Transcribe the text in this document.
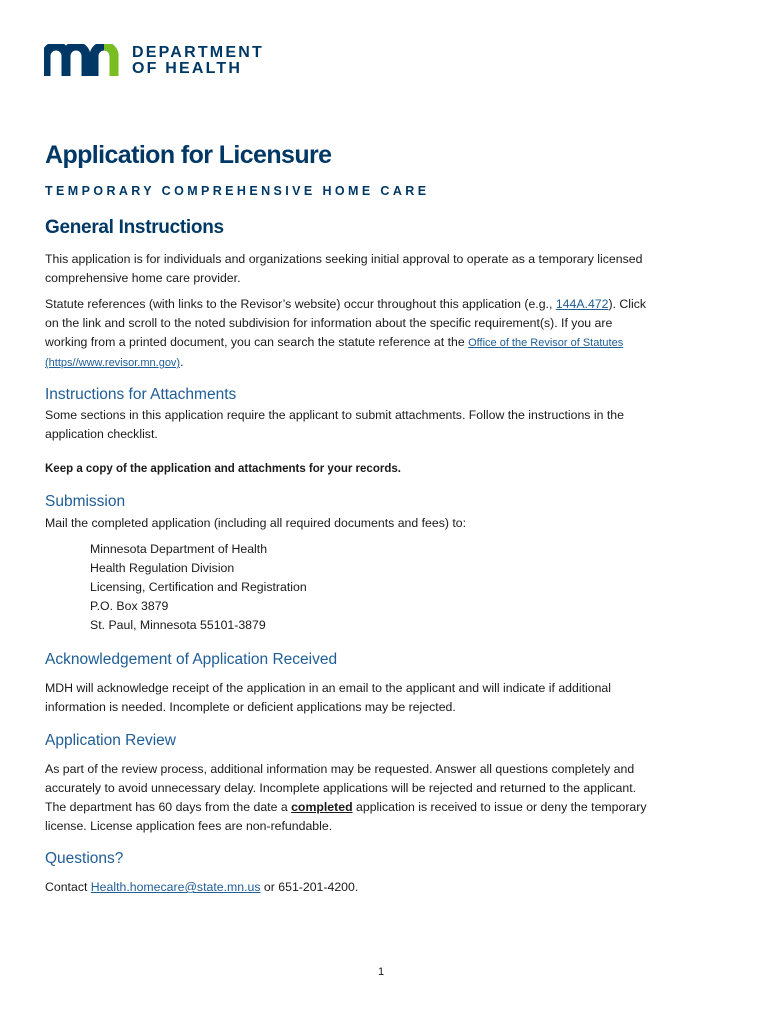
DEPARTMENT
OF HEALTH
Application for Licensure
TEMPORARY COMPREHENSIVE HOME CARE
General Instructions
This application is for individuals and organizations seeking initial approval to operate as a temporary licensed
comprehensive home care provider.
Statute references (with links to the Revisor’s website) occur throughout this application (e.g., 144A.472). Click
on the link and scroll to the noted subdivision for information about the specific requirement(s). If you are
working from a printed document, you can search the statute reference at the Office of the Revisor of Statutes
(https//www.revisor.mn.gov).
Instructions for Attachments
Some sections in this application require the applicant to submit attachments. Follow the instructions in the
application checklist.
Keep a copy of the application and attachments for your records.
Submission
Mail the completed application (including all required documents and fees) to:
Minnesota Department of Health
Health Regulation Division
Licensing, Certification and Registration
P.O. Box 3879
St. Paul, Minnesota 55101-3879
Acknowledgement of Application Received
MDH will acknowledge receipt of the application in an email to the applicant and will indicate if additional
information is needed. Incomplete or deficient applications may be rejected.
Application Review
As part of the review process, additional information may be requested. Answer all questions completely and
accurately to avoid unnecessary delay. Incomplete applications will be rejected and returned to the applicant.
The department has 60 days from the date a completed application is received to issue or deny the temporary
license. License application fees are non-refundable.
Questions?
Contact Health.homecare@state.mn.us or 651-201-4200.
1
